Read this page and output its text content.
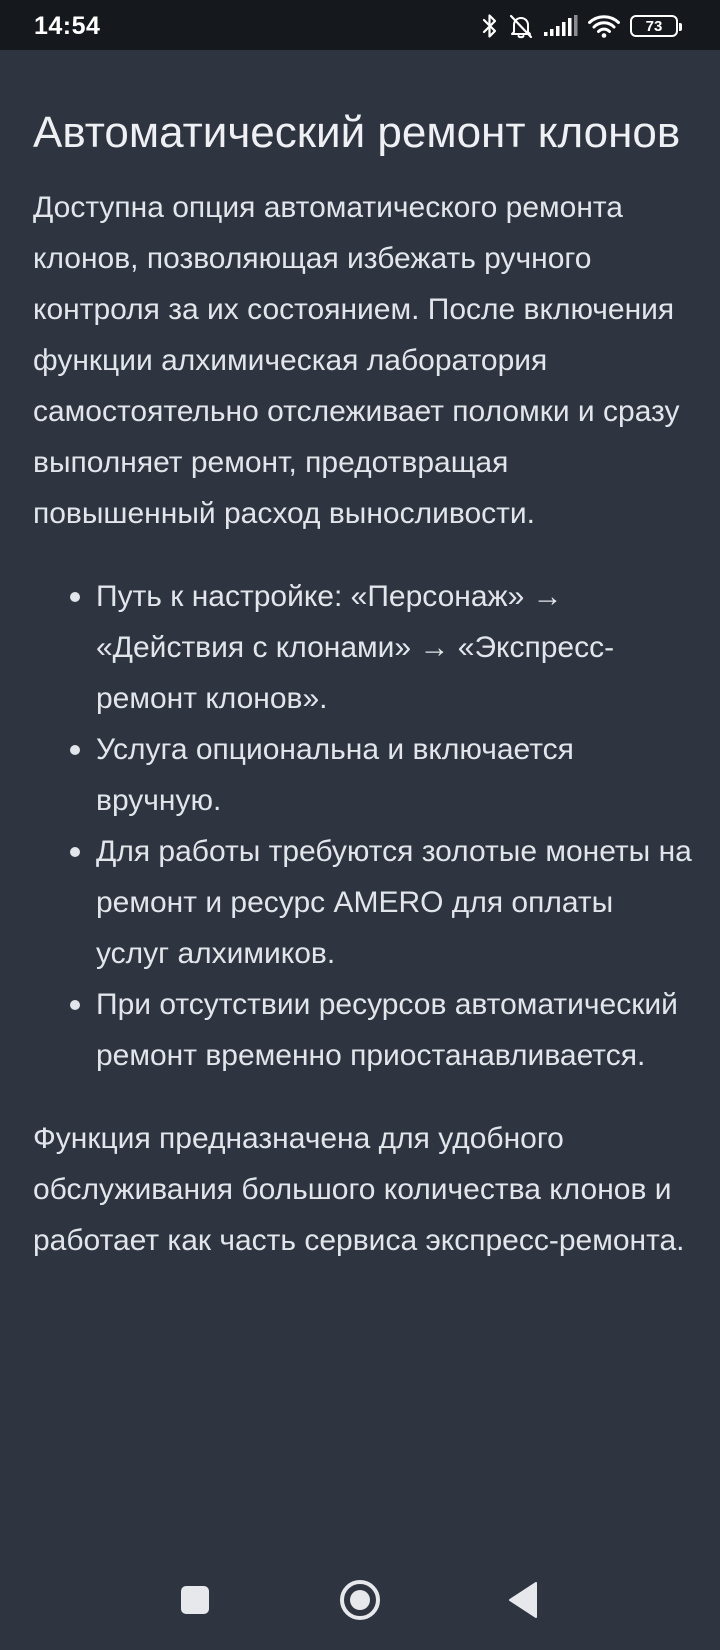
14:54	73
Автоматический ремонт клонов

Доступна опция автоматического ремонта клонов, позволяющая избежать ручного контроля за их состоянием. После включения функции алхимическая лаборатория самостоятельно отслеживает поломки и сразу выполняет ремонт, предотвращая повышенный расход выносливости.

Путь к настройке: «Персонаж» → «Действия с клонами» → «Экспресс-ремонт клонов».
Услуга опциональна и включается вручную.
Для работы требуются золотые монеты на ремонт и ресурс AMERO для оплаты услуг алхимиков.
При отсутствии ресурсов автоматический ремонт временно приостанавливается.

Функция предназначена для удобного обслуживания большого количества клонов и работает как часть сервиса экспресс-ремонта.
